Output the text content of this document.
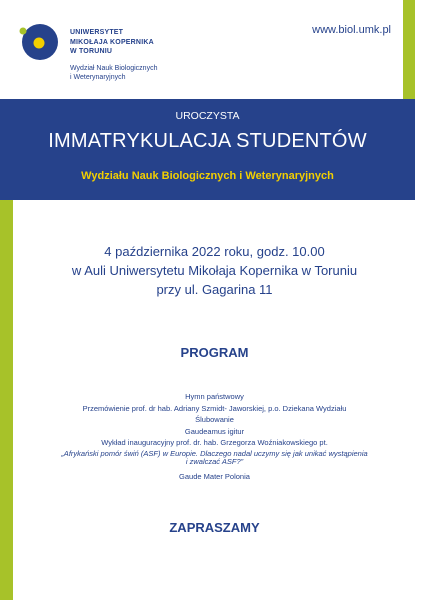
UNIWERSYTET
MIKOŁAJA KOPERNIKA
W TORUNIU
Wydział Nauk Biologicznych
i Weterynaryjnych
www.biol.umk.pl
UROCZYSTA
IMMATRYKULACJA STUDENTÓW
Wydziału Nauk Biologicznych i Weterynaryjnych
4 października 2022 roku, godz. 10.00
w Auli Uniwersytetu Mikołaja Kopernika w Toruniu
przy ul. Gagarina 11
PROGRAM
Hymn państwowy
Przemówienie prof. dr hab. Adriany Szmidt- Jaworskiej, p.o. Dziekana Wydziału
Ślubowanie
Gaudeamus igitur
Wykład inauguracyjny prof. dr. hab. Grzegorza Woźniakowskiego pt.
„Afrykański pomór świń (ASF) w Europie. Dlaczego nadal uczymy się jak unikać wystąpienia
i zwalczać ASF?”
Gaude Mater Polonia
ZAPRASZAMY
